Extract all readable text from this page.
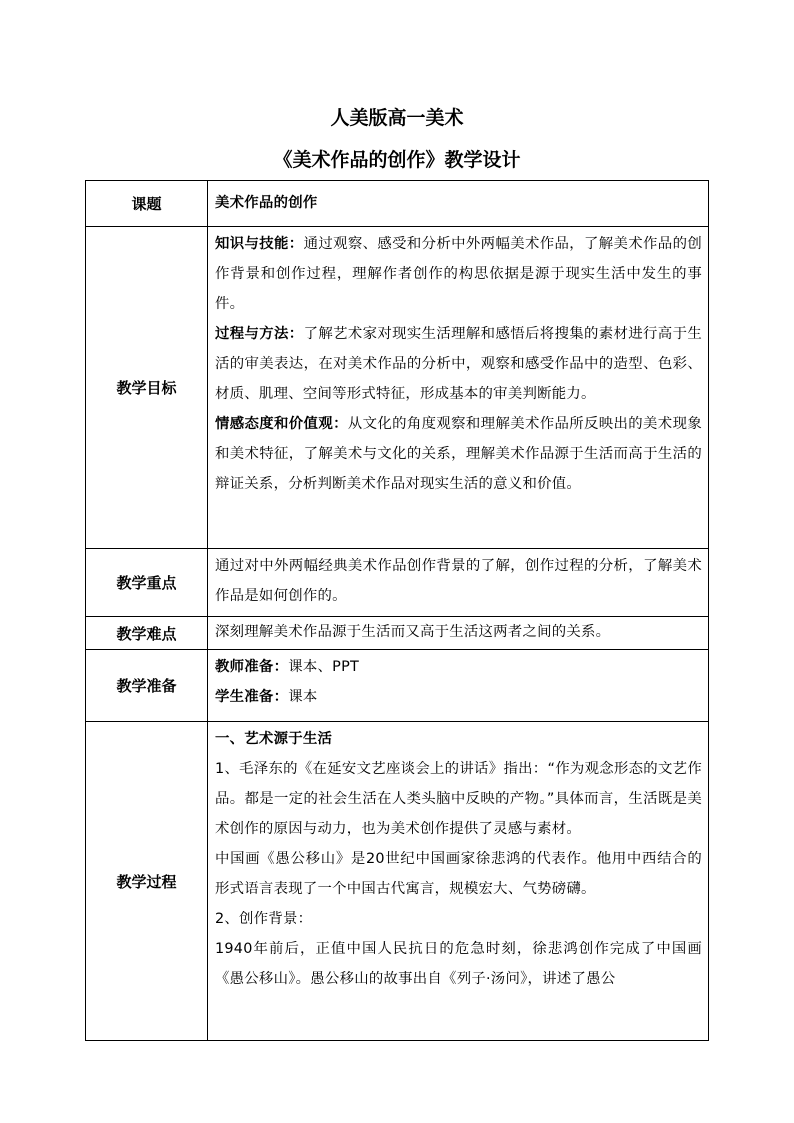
人美版高一美术
《美术作品的创作》教学设计
课题	美术作品的创作
教学目标	知识与技能：通过观察、感受和分析中外两幅美术作品，了解美术作品的创作背景和创作过程，理解作者创作的构思依据是源于现实生活中发生的事件。

过程与方法：了解艺术家对现实生活理解和感悟后将搜集的素材进行高于生活的审美表达，在对美术作品的分析中，观察和感受作品中的造型、色彩、材质、肌理、空间等形式特征，形成基本的审美判断能力。

情感态度和价值观：从文化的角度观察和理解美术作品所反映出的美术现象和美术特征，了解美术与文化的关系，理解美术作品源于生活而高于生活的辩证关系，分析判断美术作品对现实生活的意义和价值。

教学重点	通过对中外两幅经典美术作品创作背景的了解，创作过程的分析，了解美术作品是如何创作的。

教学难点	深刻理解美术作品源于生活而又高于生活这两者之间的关系。

教学准备	教师准备：课本、PPT

学生准备：课本

教学过程	一、艺术源于生活

1、毛泽东的《在延安文艺座谈会上的讲话》指出：“作为观念形态的文艺作品。都是一定的社会生活在人类头脑中反映的产物。”具体而言，生活既是美术创作的原因与动力，也为美术创作提供了灵感与素材。

中国画《愚公移山》是20世纪中国画家徐悲鸿的代表作。他用中西结合的形式语言表现了一个中国古代寓言，规模宏大、气势磅礴。

2、创作背景：

1940年前后，正值中国人民抗日的危急时刻，徐悲鸿创作完成了中国画《愚公移山》。愚公移山的故事出自《列子·汤问》，讲述了愚公
